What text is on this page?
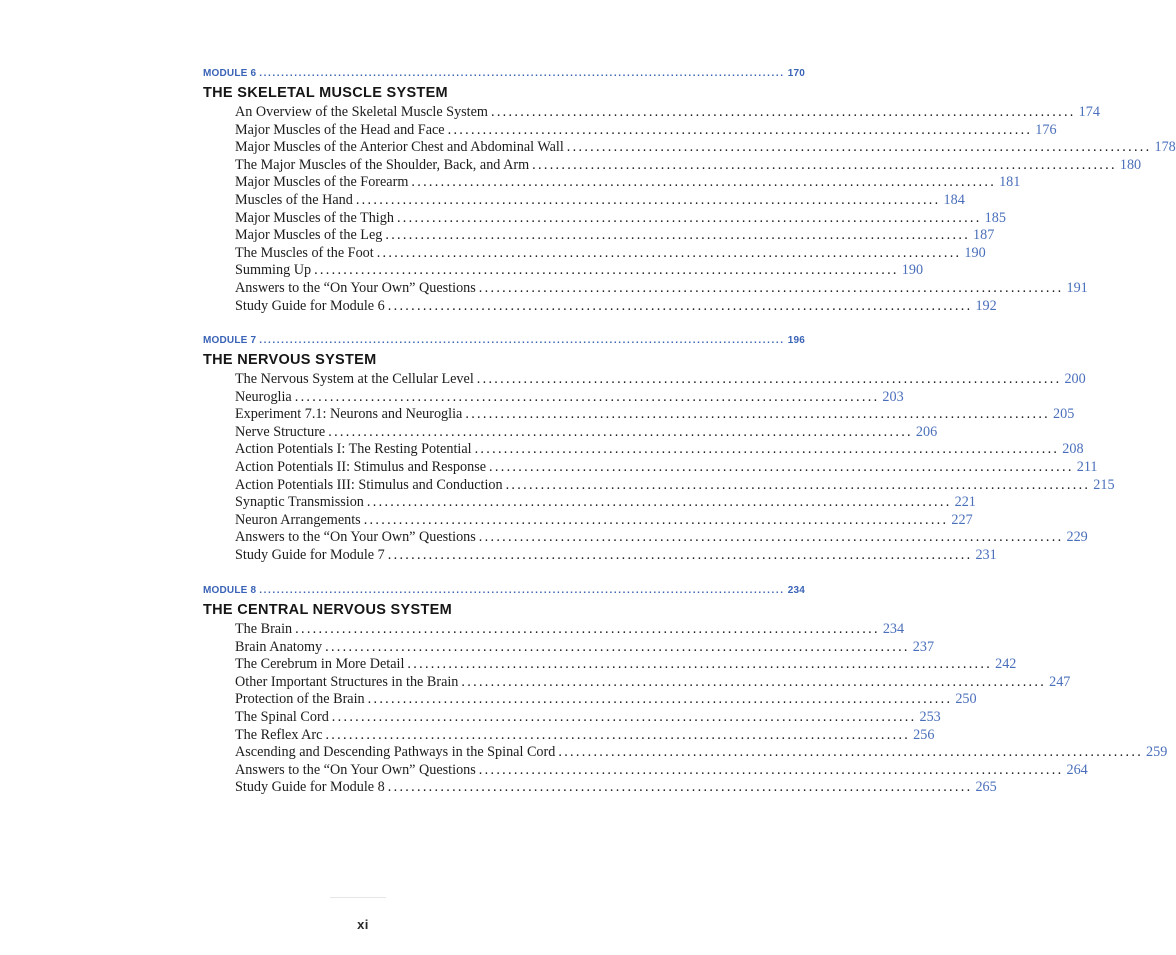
MODULE 6 ........................................................................................................................ 170
THE SKELETAL MUSCLE SYSTEM
An Overview of the Skeletal Muscle System .................................................................................................... 174
Major Muscles of the Head and Face .................................................................................................... 176
Major Muscles of the Anterior Chest and Abdominal Wall .................................................................................................... 178
The Major Muscles of the Shoulder, Back, and Arm .................................................................................................... 180
Major Muscles of the Forearm .................................................................................................... 181
Muscles of the Hand .................................................................................................... 184
Major Muscles of the Thigh .................................................................................................... 185
Major Muscles of the Leg .................................................................................................... 187
The Muscles of the Foot .................................................................................................... 190
Summing Up .................................................................................................... 190
Answers to the “On Your Own” Questions .................................................................................................... 191
Study Guide for Module 6 .................................................................................................... 192
MODULE 7 ........................................................................................................................ 196
THE NERVOUS SYSTEM
The Nervous System at the Cellular Level .................................................................................................... 200
Neuroglia .................................................................................................... 203
Experiment 7.1: Neurons and Neuroglia .................................................................................................... 205
Nerve Structure .................................................................................................... 206
Action Potentials I: The Resting Potential .................................................................................................... 208
Action Potentials II: Stimulus and Response .................................................................................................... 211
Action Potentials III: Stimulus and Conduction .................................................................................................... 215
Synaptic Transmission .................................................................................................... 221
Neuron Arrangements .................................................................................................... 227
Answers to the “On Your Own” Questions .................................................................................................... 229
Study Guide for Module 7 .................................................................................................... 231
MODULE 8 ........................................................................................................................ 234
THE CENTRAL NERVOUS SYSTEM
The Brain .................................................................................................... 234
Brain Anatomy .................................................................................................... 237
The Cerebrum in More Detail .................................................................................................... 242
Other Important Structures in the Brain .................................................................................................... 247
Protection of the Brain .................................................................................................... 250
The Spinal Cord .................................................................................................... 253
The Reflex Arc .................................................................................................... 256
Ascending and Descending Pathways in the Spinal Cord .................................................................................................... 259
Answers to the “On Your Own” Questions .................................................................................................... 264
Study Guide for Module 8 .................................................................................................... 265
xi
